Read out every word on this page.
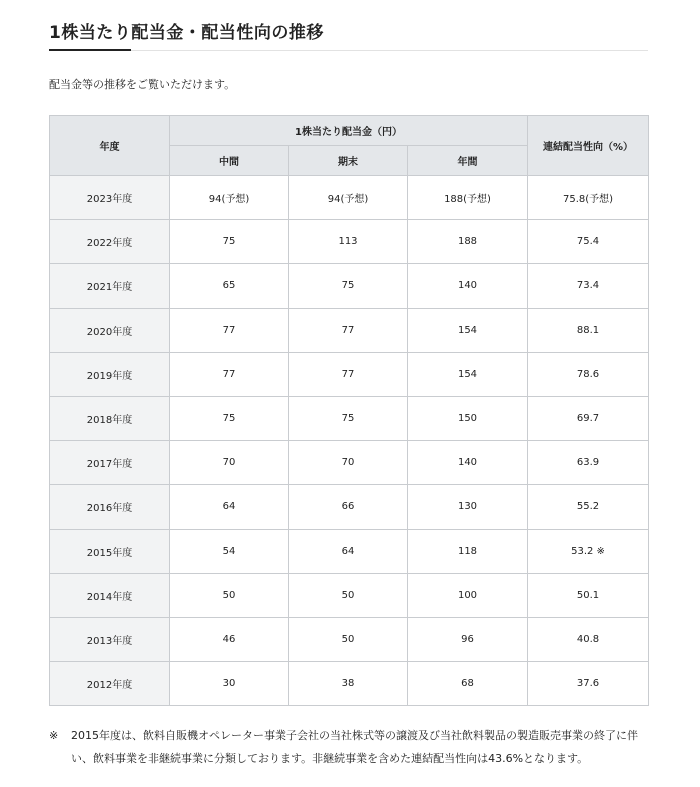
1株当たり配当金・配当性向の推移

配当金等の推移をご覧いただけます。

年度	1株当たり配当金（円）			連結配当性向（%）
	中間	期末	年間	
2023年度	94(予想)	94(予想)	188(予想)	75.8(予想)
2022年度	75	113	188	75.4
2021年度	65	75	140	73.4
2020年度	77	77	154	88.1
2019年度	77	77	154	78.6
2018年度	75	75	150	69.7
2017年度	70	70	140	63.9
2016年度	64	66	130	55.2
2015年度	54	64	118	53.2 ※
2014年度	50	50	100	50.1
2013年度	46	50	96	40.8
2012年度	30	38	68	37.6
※	2015年度は、飲料自販機オペレーター事業子会社の当社株式等の譲渡及び当社飲料製品の製造販売事業の終了に伴い、飲料事業を非継続事業に分類しております。非継続事業を含めた連結配当性向は43.6%となります。
